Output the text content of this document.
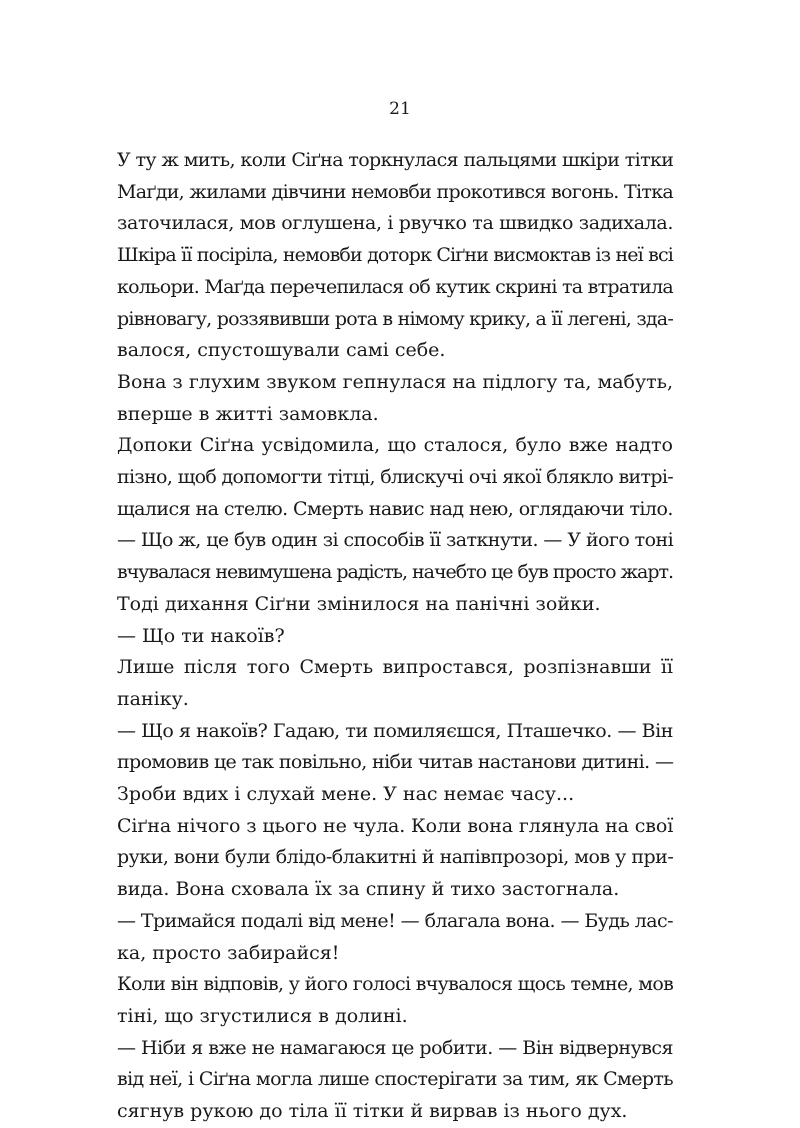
21
У ту ж мить, коли Сіґна торкнулася пальцями шкіри тітки
Маґди, жилами дівчини немовби прокотився вогонь. Тітка
заточилася, мов оглушена, і рвучко та швидко задихала.
Шкіра її посіріла, немовби доторк Сіґни висмоктав із неї всі
кольори. Маґда перечепилася об кутик скрині та втратила
рівновагу, роззявивши рота в німому крику, а її легені, зда-
валося, спустошували самі себе.
Вона з глухим звуком гепнулася на підлогу та, мабуть,
вперше в житті замовкла.
Допоки Сіґна усвідомила, що сталося, було вже надто
пізно, щоб допомогти тітці, блискучі очі якої блякло витрі-
щалися на стелю. Смерть навис над нею, оглядаючи тіло.
— Що ж, це був один зі способів її заткнути. — У його тоні
вчувалася невимушена радість, начебто це був просто жарт.
Тоді дихання Сіґни змінилося на панічні зойки.
— Що ти накоїв?
Лише після того Смерть випростався, розпізнавши її
паніку.
— Що я накоїв? Гадаю, ти помиляєшся, Пташечко. — Він
промовив це так повільно, ніби читав настанови дитині. —
Зроби вдих і слухай мене. У нас немає часу...
Сіґна нічого з цього не чула. Коли вона глянула на свої
руки, вони були блідо-блакитні й напівпрозорі, мов у при-
вида. Вона сховала їх за спину й тихо застогнала.
— Тримайся подалі від мене! — благала вона. — Будь лас-
ка, просто забирайся!
Коли він відповів, у його голосі вчувалося щось темне, мов
тіні, що згустилися в долині.
— Ніби я вже не намагаюся це робити. — Він відвернувся
від неї, і Сіґна могла лише спостерігати за тим, як Смерть
сягнув рукою до тіла її тітки й вирвав із нього дух.
